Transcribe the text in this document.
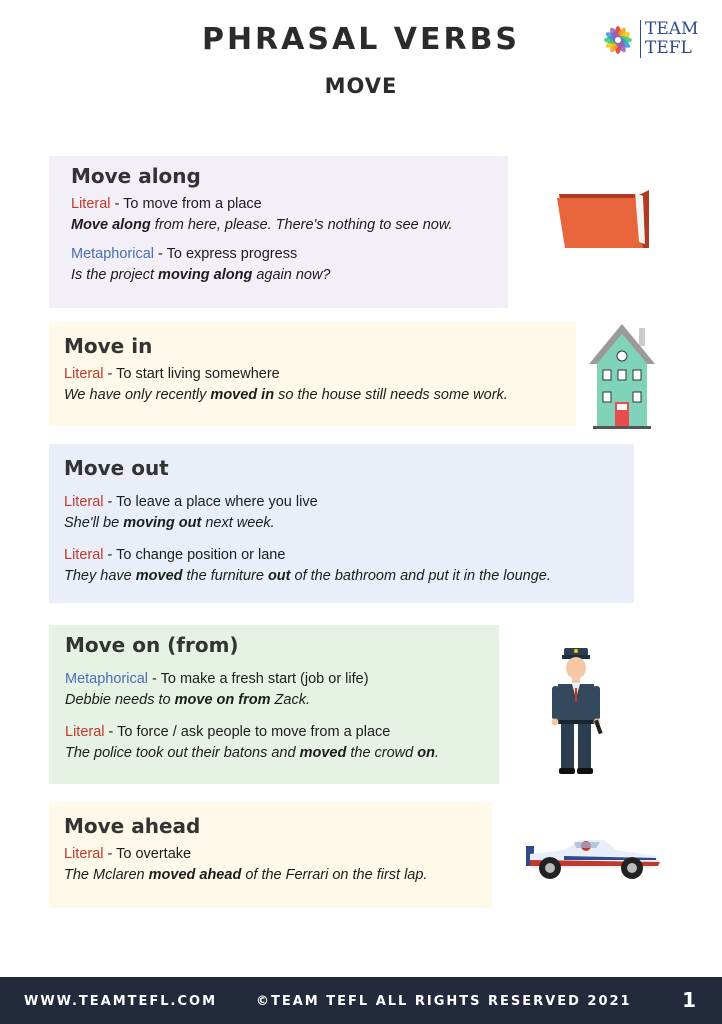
PHRASAL VERBS
MOVE
TEAM
TEFL
Move along
Literal - To move from a place
Move along from here, please. There's nothing to see now.
Metaphorical - To express progress
Is the project moving along again now?
Move in
Literal - To start living somewhere
We have only recently moved in so the house still needs some work.
Move out
Literal - To leave a place where you live
She'll be moving out next week.
Literal - To change position or lane
They have moved the furniture out of the bathroom and put it in the lounge.
Move on (from)
Metaphorical - To make a fresh start (job or life)
Debbie needs to move on from Zack.
Literal - To force / ask people to move from a place
The police took out their batons and moved the crowd on.
Move ahead
Literal - To overtake
The Mclaren moved ahead of the Ferrari on the first lap.
WWW.TEAMTEFL.COM	©TEAM TEFL ALL RIGHTS RESERVED 2021	1
